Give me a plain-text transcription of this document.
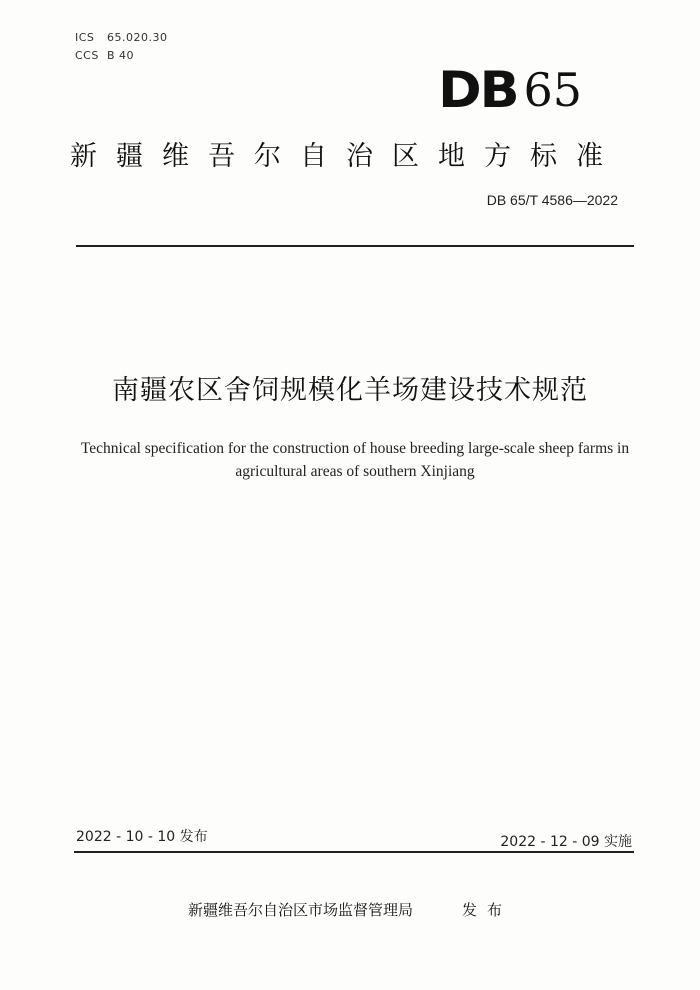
ICS 65.020.30
CCS B 40
DB 65
新疆维吾尔自治区地方标准
DB 65/T 4586—2022
南疆农区舍饲规模化羊场建设技术规范
Technical specification for the construction of house breeding large-scale sheep farms in agricultural areas of southern Xinjiang
2022 - 10 - 10 发布	2022 - 12 - 09 实施
新疆维吾尔自治区市场监督管理局	发布
